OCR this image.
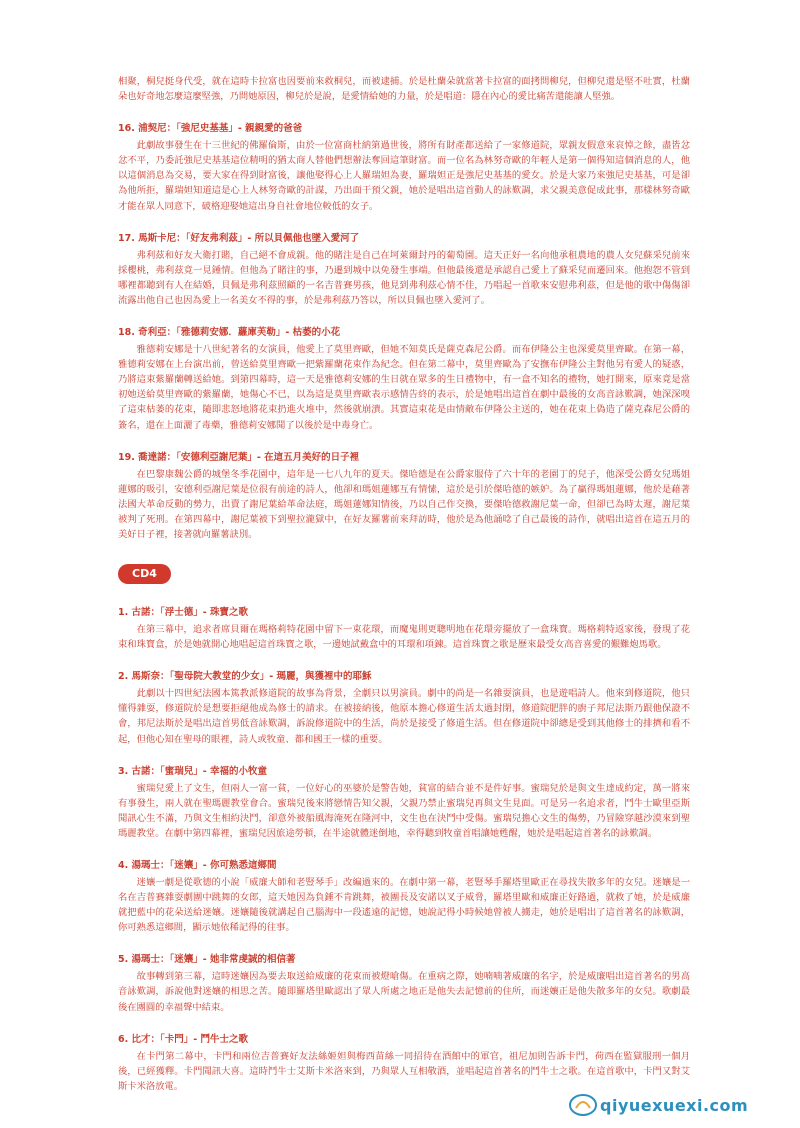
相聚，桐兒挺身代受，就在這時卡拉富也因要前來救桐兒，而被逮捕。於是杜蘭朵就當著卡拉富的面拷問柳兒，但柳兒還是堅不吐實，杜蘭朵也好奇地怎麼這麼堅強，乃問她原因，柳兒於是說，是愛情給她的力量，於是唱道：隱在內心的愛比痛苦還能讓人堅強。

16. 浦契尼：「強尼史基基」- 親親愛的爸爸

此劇故事發生在十三世紀的佛羅倫斯，由於一位富商杜納第過世後，將所有財產都送給了一家修道院，眾親友假意來哀悼之餘，盡皆忿忿不平，乃委託強尼史基基這位精明的猶太商人替他們想辦法奪回這筆財富。而一位名為林努奇歐的年輕人是第一個得知這個消息的人，他以這個消息為交易，要大家在得到財富後，讓他娶得心上人羅瑞妲為妻，羅瑞妲正是強尼史基基的愛女。於是大家乃來強尼史基基，可是卻為他所拒，羅瑞妲知道這是心上人林努奇歐的計謀，乃出面干預父親，她於是唱出這首動人的詠歎調，求父親美意促成此事，那樣林努奇歐才能在眾人同意下，破格迎娶她這出身自社會地位較低的女子。

17. 馬斯卡尼：「好友弗利茲」- 所以貝佩他也墜入愛河了

弗利茲和好友大衛打賭，自己絕不會成親。他的賭注是自己在坷萊爾封丹的葡萄園。這天正好一名向他承租農地的農人女兒蘇采兒前來採櫻桃，弗利茲竟一見鍾情。但他為了賭注的事，乃遷到城中以免發生事端。但他最後還是承認自己愛上了蘇采兒而遷回來。他抱怨不管到哪裡都聽到有人在結婚，貝佩是弗利茲照顧的一名吉普賽男孩，他見到弗利茲心情不佳，乃唱起一首歌來安慰弗利茲，但是他的歌中傷傷卻流露出他自己也因為愛上一名美女不得的事，於是弗利茲乃答以，所以貝佩也墜入愛河了。

18. 奇利亞：「雅德莉安娜．蘿庫芙勒」- 枯萎的小花

雅德莉安娜是十八世紀著名的女演員，他愛上了莫里齊歐，但她不知莫氏是薩克森尼公爵。而布伊隆公主也深愛莫里齊歐。在第一幕，雅德莉安娜在上台演出前，曾送給莫里齊歐一把紫羅蘭花束作為紀念。但在第二幕中，莫里齊歐為了安撫布伊隆公主對他另有愛人的疑惑，乃將這束紫羅蘭轉送給她。到第四幕時，這一天是雅德莉安娜的生日就在眾多的生日禮物中，有一盒不知名的禮物，她打開來，原來竟是當初她送給莫里齊歐的紫羅蘭，她傷心不已，以為這是莫里齊歐表示感情告終的表示，於是她唱出這首在劇中最後的女高音詠歎調，她深深嗅了這束枯萎的花束，隨即悲怒地將花束扔進火堆中，然後就崩潰。其實這束花是由情敵布伊隆公主送的，她在花束上偽造了薩克森尼公爵的簽名，還在上面灑了毒藥，雅德莉安娜聞了以後於是中毒身亡。

19. 喬達諾：「安德利亞謝尼葉」- 在這五月美好的日子裡

在巴黎康魏公爵的城堡冬季花園中，這年是一七八九年的夏天。傑哈德是在公爵家服侍了六十年的老園丁的兒子，他深受公爵女兒瑪姐蓮娜的吸引，安德利亞謝尼葉是位很有前途的詩人，他卻和瑪姐蓮娜互有情愫，這於是引於傑哈德的嫉妒。為了贏得瑪姐蓮娜，他於是藉著法國大革命反動的勢力，出賣了謝尼葉給革命法庭，瑪姐蓮娜知情後，乃以自己作交換，要傑哈德救謝尼葉一命，但卻已為時太遲，謝尼葉被判了死刑。在第四幕中，謝尼葉被下到聖拉瀧獄中，在好友羅薯前來拜訪時，他於是為他誦唸了自己最後的詩作，就唱出這首在這五月的美好日子裡，接著就向羅薯訣別。

CD4
1. 古諾：「浮士德」- 珠寶之歌

在第三幕中，追求者席貝爾在瑪格莉特花園中留下一束花環，而魔鬼則更聰明地在花環旁擺放了一盒珠寶。瑪格莉特返家後，發現了花束和珠寶盒，於是她就開心地唱起這首珠寶之歌，一邊她試戴盒中的耳環和項鍊。這首珠寶之歌是歷來最受女高音喜愛的艱難炮馬歌。

2. 馬斯奈：「聖母院大教堂的少女」- 瑪麗，與獲裡中的耶穌

此劇以十四世紀法國本篤教派修道院的故事為背景，全劇只以男演員。劇中的尚是一名雜耍演員，也是遊唱詩人。他來到修道院，他只懂得雜耍，修道院於是想要拒絕他成為修士的請求。在被接納後，他原本擔心修道生活太過封閉，修道院肥胖的廚子邦尼法斯乃跟他保證不會，邦尼法斯於是唱出這首男低音詠歎調，訴說修道院中的生活，尚於是接受了修道生活。但在修道院中卻總是受到其他修士的排擠和看不起，但他心知在聖母的眼裡，詩人或牧童、都和國王一樣的重要。

3. 古諾：「蜜瑞兒」- 幸福的小牧童

蜜瑞兒愛上了文生，但兩人一富一貧，一位好心的巫婆於是警告她，貧富的結合並不是件好事。蜜瑞兒於是與文生達成約定，萬一將來有事發生，兩人就在聖瑪麗教堂會合。蜜瑞兒後來將戀情告知父親，父親乃禁止蜜瑞兒再與文生見面。可是另一名追求者，鬥牛士歐里亞斯聞訊心生不滿，乃與文生相約決鬥，卻意外被船風海淹死在隆河中，文生也在決鬥中受傷。蜜瑞兒擔心文生的傷勢，乃冒險穿越沙漠來到聖瑪麗教堂。在劇中第四幕裡，蜜瑞兒因旅途勞頓，在半途就體迷倒地，幸得聽到牧童首唱讓她甦醒，她於是唱起這首著名的詠歎調。

4. 湯瑪士：「迷孃」- 你可熟悉這鄉間

迷孃一劇是從歌德的小說「威廉大師和老豎琴手」改編過來的。在劇中第一幕，老豎琴手羅塔里歐正在尋找失散多年的女兒。迷孃是一名在吉普賽雜耍劇團中跳舞的女郎，這天她因為負錘不肯跳舞，被團長及安諾以叉子威脅，羅塔里歐和威廉正好路過，就救了她，於是威廉就把藍中的花朵送給迷孃。迷孃隨後就講起自己腦海中一段遙遠的記憶，她說記得小時候她曾被人擄走，她於是唱出了這首著名的詠歎調，你可熟悉這鄉間，顯示她依稀記得的往事。

5. 湯瑪士：「迷孃」- 她非常虔誠的相信著

故事轉到第三幕，這時迷孃因為要去取送給威廉的花束而被燈嗆傷。在重病之際，她喃喃著威廉的名字，於是威廉唱出這首著名的男高音詠歎調，訴說他對迷孃的相思之苦。隨即羅塔里歐認出了眾人所處之地正是他失去記憶前的住所，而迷孃正是他失散多年的女兒。歌劇最後在團圓的幸福聲中結束。

6. 比才：「卡門」- 鬥牛士之歌

在卡門第二幕中，卡門和兩位吉普賽好友法絲姬妲與梅西苗絲一同招待在酒館中的軍官，祖尼加則告訴卡門，荷西在監獄服刑一個月後，已經獲釋。卡門聞訊大喜。這時鬥牛士艾斯卡米洛來到，乃與眾人互相敬酒，並唱起這首著名的鬥牛士之歌。在這首歌中，卡門又對艾斯卡米洛放電。

qiyuexuexi.com
